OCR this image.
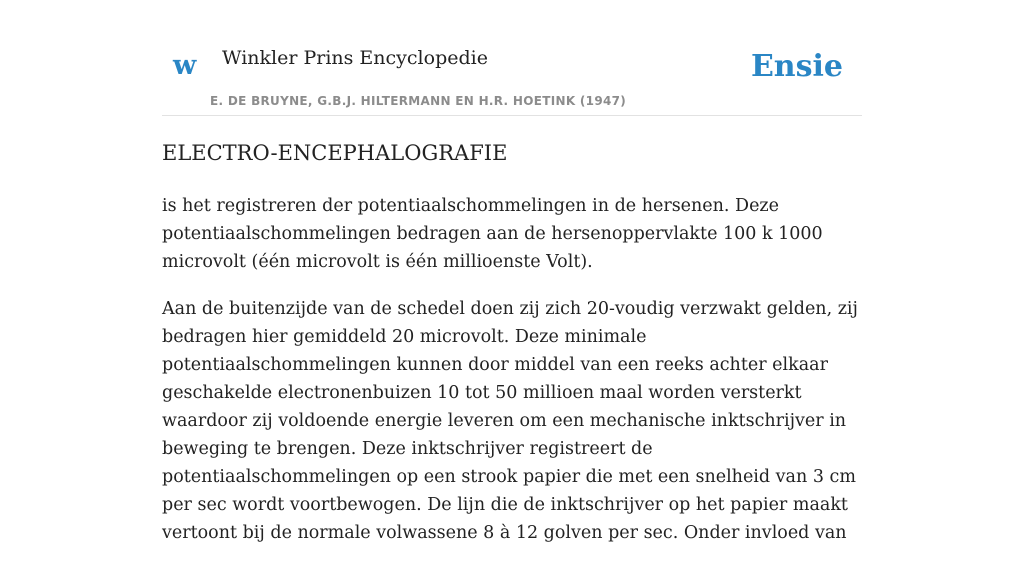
w Winkler Prins Encyclopedie
E. DE BRUYNE, G.B.J. HILTERMANN EN H.R. HOETINK (1947)
Ensie
ELECTRO-ENCEPHALOGRAFIE

is het registreren der potentiaalschommelingen in de hersenen. Deze potentiaalschommelingen bedragen aan de hersenoppervlakte 100 k 1000 microvolt (één microvolt is één millioenste Volt).

Aan de buitenzijde van de schedel doen zij zich 20-voudig verzwakt gelden, zij bedragen hier gemiddeld 20 microvolt. Deze minimale potentiaalschommelingen kunnen door middel van een reeks achter elkaar geschakelde electronenbuizen 10 tot 50 millioen maal worden versterkt waardoor zij voldoende energie leveren om een mechanische inktschrijver in beweging te brengen. Deze inktschrijver registreert de potentiaalschommelingen op een strook papier die met een snelheid van 3 cm per sec wordt voortbewogen. De lijn die de inktschrijver op het papier maakt vertoont bij de normale volwassene 8 à 12 golven per sec. Onder invloed van
